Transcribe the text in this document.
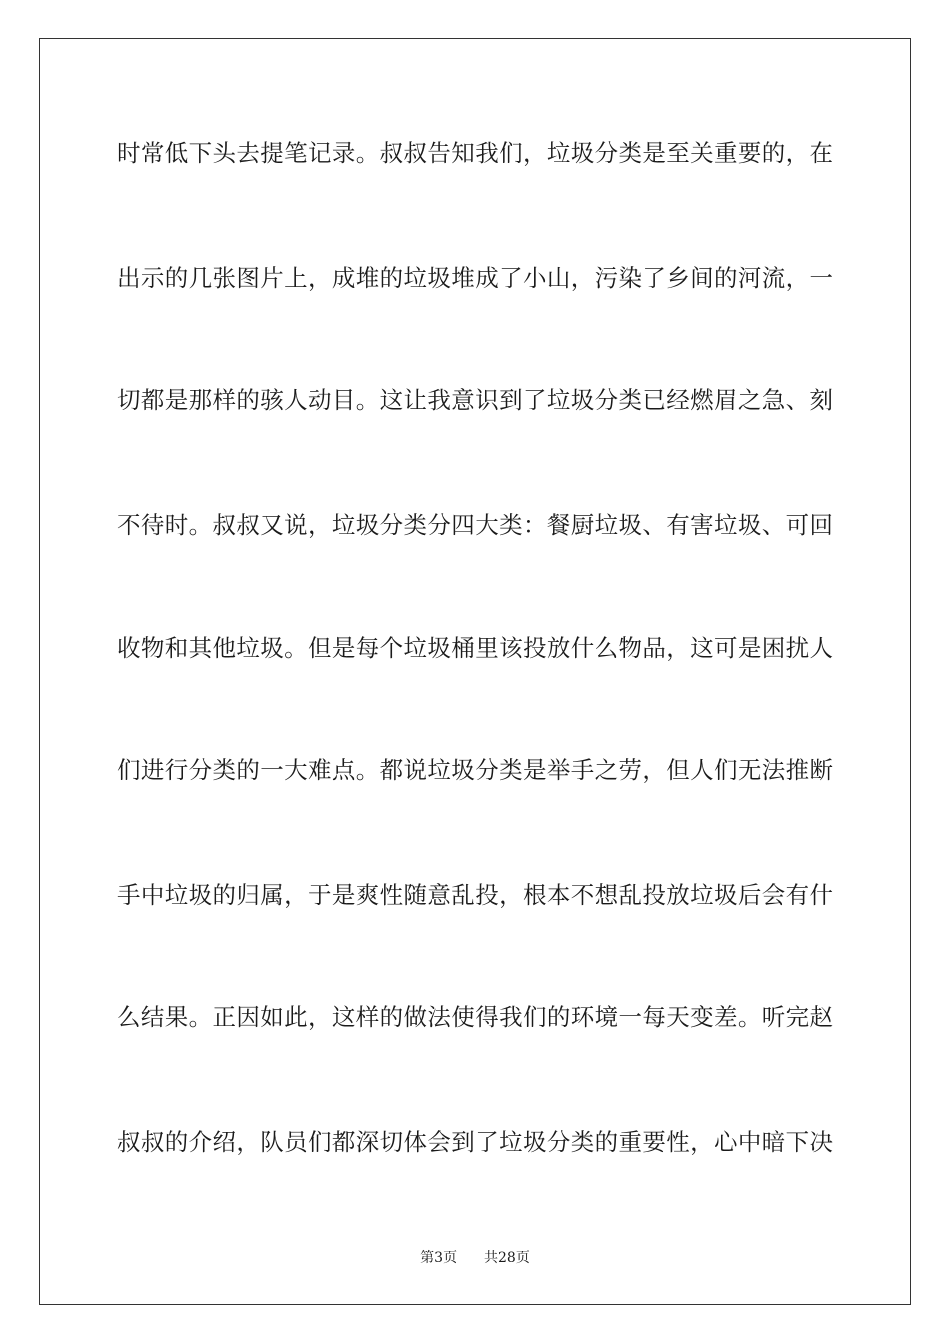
时常低下头去提笔记录。叔叔告知我们，垃圾分类是至关重要的，在
出示的几张图片上，成堆的垃圾堆成了小山，污染了乡间的河流，一
切都是那样的骇人动目。这让我意识到了垃圾分类已经燃眉之急、刻
不待时。叔叔又说，垃圾分类分四大类：餐厨垃圾、有害垃圾、可回
收物和其他垃圾。但是每个垃圾桶里该投放什么物品，这可是困扰人
们进行分类的一大难点。都说垃圾分类是举手之劳，但人们无法推断
手中垃圾的归属，于是爽性随意乱投，根本不想乱投放垃圾后会有什
么结果。正因如此，这样的做法使得我们的环境一每天变差。听完赵
叔叔的介绍，队员们都深切体会到了垃圾分类的重要性，心中暗下决
第3页 共28页
